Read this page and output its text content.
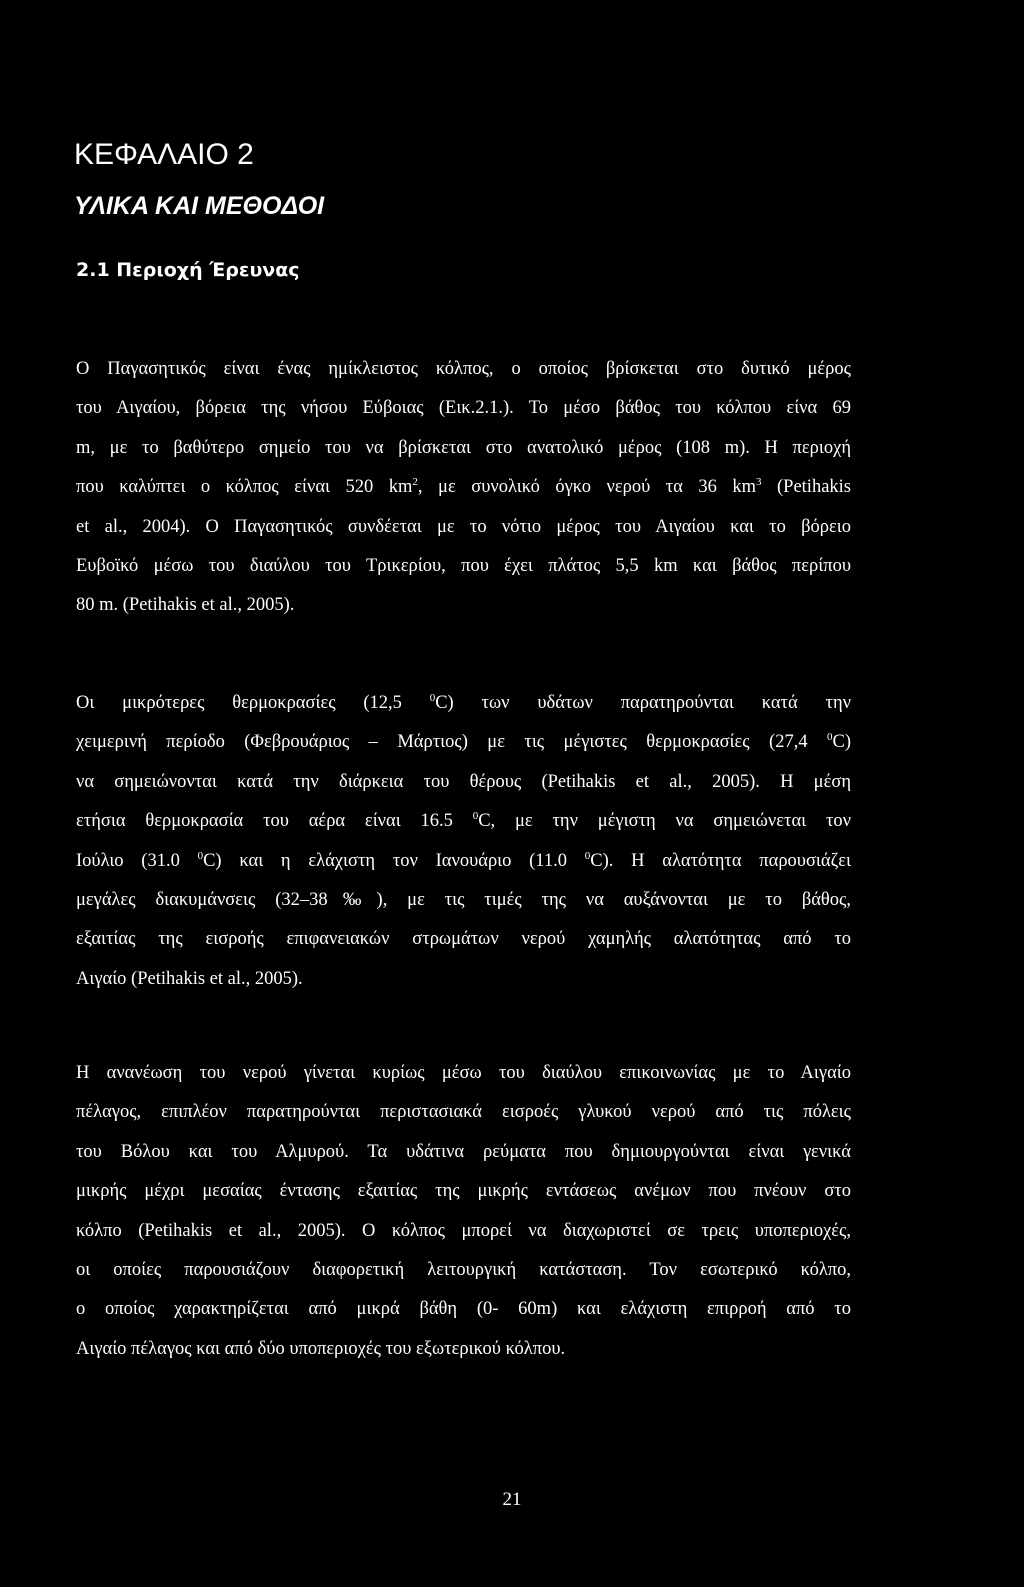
ΚΕΦΑΛΑΙΟ 2
ΥΛΙΚΑ ΚΑΙ ΜΕΘΟΔΟΙ
2.1 Περιοχή Έρευνας
Ο Παγασητικός είναι ένας ημίκλειστος κόλπος, ο οποίος βρίσκεται στο δυτικό μέρος
του Αιγαίου, βόρεια της νήσου Εύβοιας (Εικ.2.1.). Το μέσο βάθος του κόλπου είνα 69
m, με το βαθύτερο σημείο του να βρίσκεται στο ανατολικό μέρος (108 m). Η περιοχή
που καλύπτει ο κόλπος είναι 520 $km^2$, με συνολικό όγκο νερού τα 36 $km^3$ (Petihakis
et al., 2004). Ο Παγασητικός συνδέεται με το νότιο μέρος του Αιγαίου και το βόρειο
Ευβοϊκό μέσω του διαύλου του Τρικερίου, που έχει πλάτος 5,5 km και βάθος περίπου
80 m. (Petihakis et al., 2005).
Οι μικρότερες θερμοκρασίες (12,5 $^0$C) των υδάτων παρατηρούνται κατά την
χειμερινή περίοδο (Φεβρουάριος – Μάρτιος) με τις μέγιστες θερμοκρασίες (27,4 $^0$C)
να σημειώνονται κατά την διάρκεια του θέρους (Petihakis et al., 2005). Η μέση
ετήσια θερμοκρασία του αέρα είναι 16.5 $^0$C, με την μέγιστη να σημειώνεται τον
Ιούλιο (31.0 $^0$C) και η ελάχιστη τον Ιανουάριο (11.0 $^0$C). Η αλατότητα παρουσιάζει
μεγάλες διακυμάνσεις (32–38‰), με τις τιμές της να αυξάνονται με το βάθος,
εξαιτίας της εισροής επιφανειακών στρωμάτων νερού χαμηλής αλατότητας από το
Αιγαίο (Petihakis et al., 2005).
Η ανανέωση του νερού γίνεται κυρίως μέσω του διαύλου επικοινωνίας με το Αιγαίο
πέλαγος, επιπλέον παρατηρούνται περιστασιακά εισροές γλυκού νερού από τις πόλεις
του Βόλου και του Αλμυρού. Τα υδάτινα ρεύματα που δημιουργούνται είναι γενικά
μικρής μέχρι μεσαίας έντασης εξαιτίας της μικρής εντάσεως ανέμων που πνέουν στο
κόλπο (Petihakis et al., 2005). Ο κόλπος μπορεί να διαχωριστεί σε τρεις υποπεριοχές,
οι οποίες παρουσιάζουν διαφορετική λειτουργική κατάσταση. Τον εσωτερικό κόλπο,
ο οποίος χαρακτηρίζεται από μικρά βάθη (0- 60m) και ελάχιστη επιρροή από το
Αιγαίο πέλαγος και από δύο υποπεριοχές του εξωτερικού κόλπου.

21
